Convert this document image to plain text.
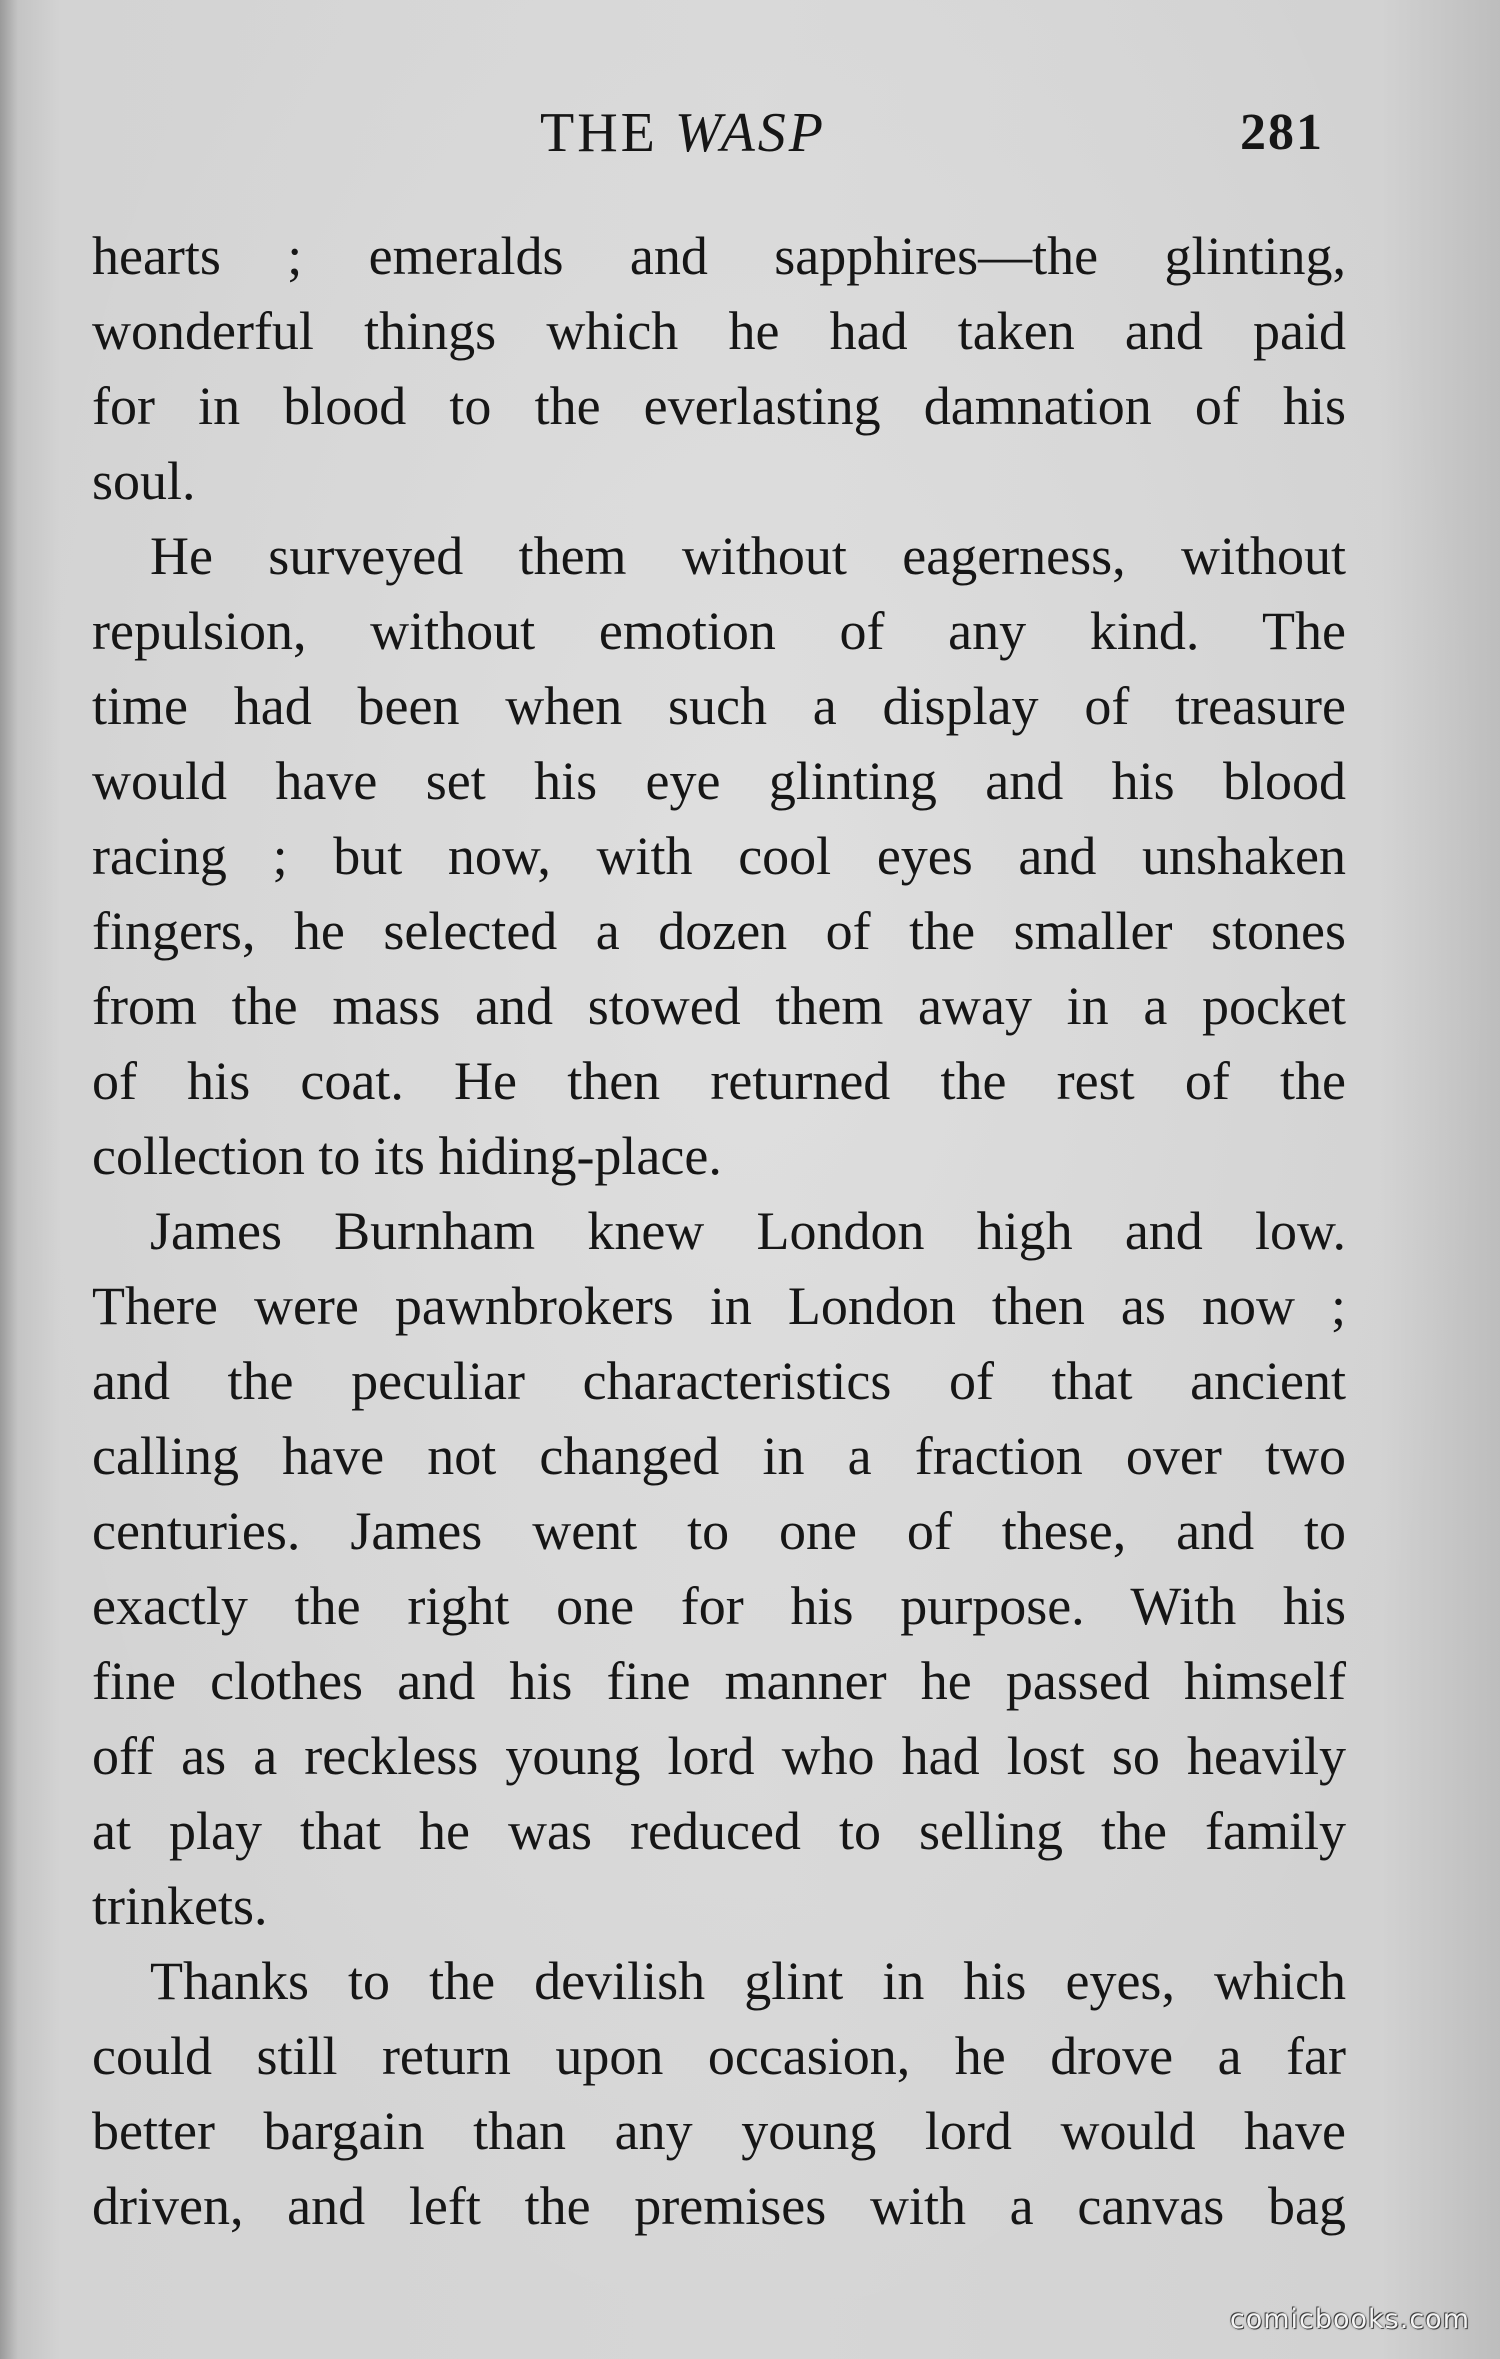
THE WASP	281
hearts ; emeralds and sapphires—the glinting,
wonderful things which he had taken and paid
for in blood to the everlasting damnation of his
soul.
He surveyed them without eagerness, without
repulsion, without emotion of any kind. The
time had been when such a display of treasure
would have set his eye glinting and his blood
racing ; but now, with cool eyes and unshaken
fingers, he selected a dozen of the smaller stones
from the mass and stowed them away in a pocket
of his coat. He then returned the rest of the
collection to its hiding-place.
James Burnham knew London high and low.
There were pawnbrokers in London then as now ;
and the peculiar characteristics of that ancient
calling have not changed in a fraction over two
centuries. James went to one of these, and to
exactly the right one for his purpose. With his
fine clothes and his fine manner he passed himself
off as a reckless young lord who had lost so heavily
at play that he was reduced to selling the family
trinkets.
Thanks to the devilish glint in his eyes, which
could still return upon occasion, he drove a far
better bargain than any young lord would have
driven, and left the premises with a canvas bag
comicbooks.com
